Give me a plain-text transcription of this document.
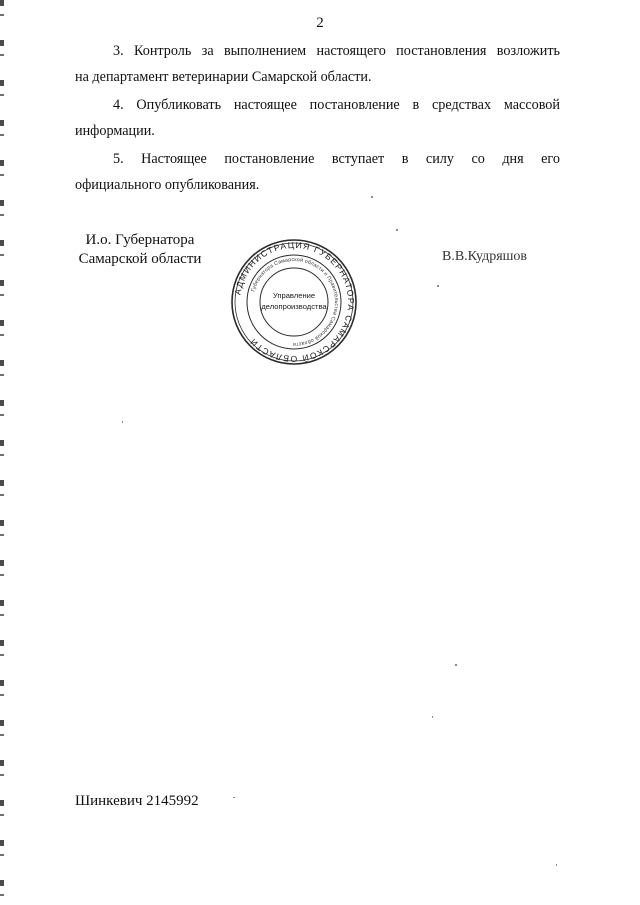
2

3. Контроль за выполнением настоящего постановления возложить
на департамент ветеринарии Самарской области.

4. Опубликовать настоящее постановление в средствах массовой
информации.

5. Настоящее постановление вступает в силу со дня его
официального опубликования.

И.о. Губернатора
Самарской области
АДМИНИСТРАЦИЯ ГУБЕРНАТОРА САМАРСКОЙ ОБЛАСТИ
Губернатора Самарской области и Правительства Самарской области
Управление
делопроизводства
В.В.Кудряшов
Шинкевич 2145992
